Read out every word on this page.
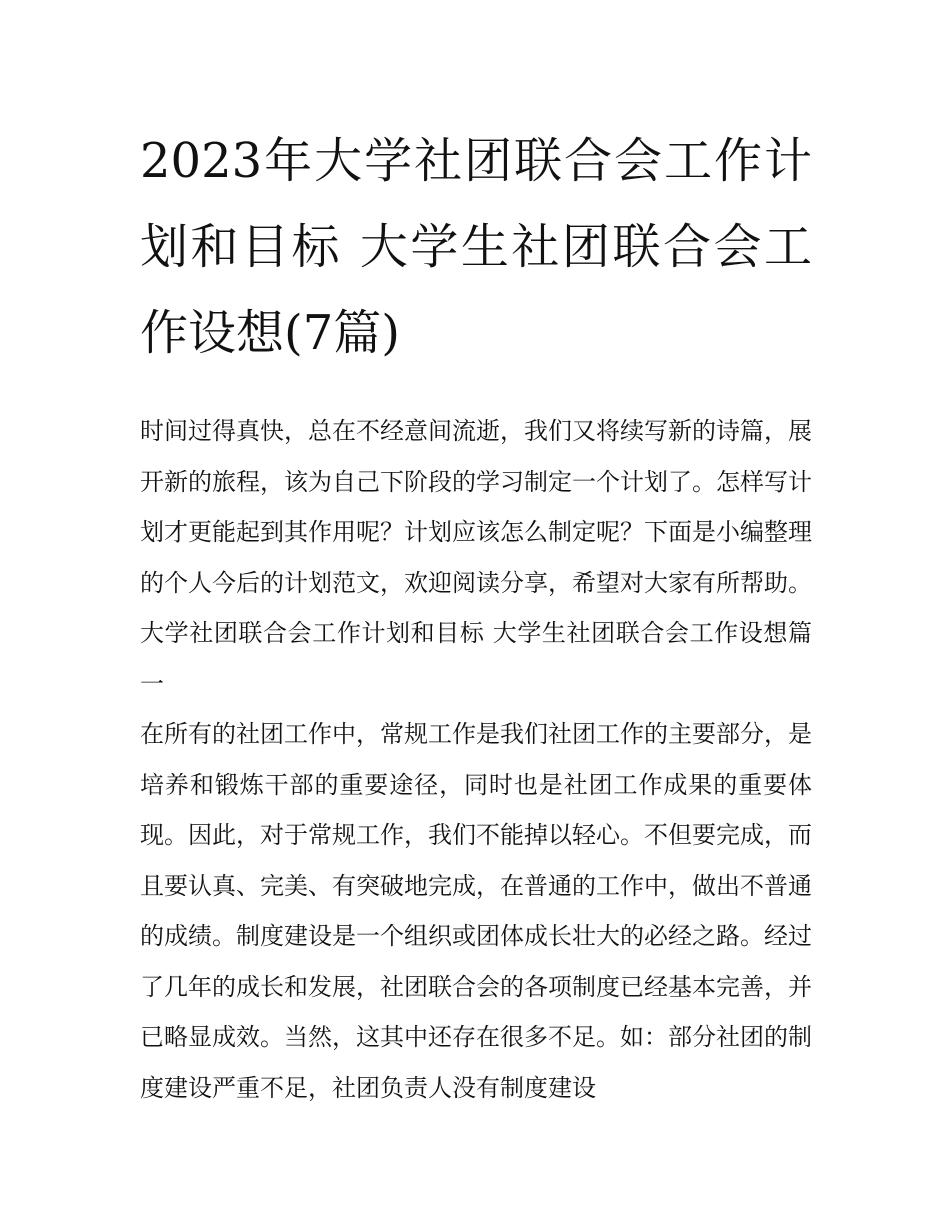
2023年大学社团联合会工作计划和目标 大学生社团联合会工作设想(7篇)

时间过得真快，总在不经意间流逝，我们又将续写新的诗篇，展开新的旅程，该为自己下阶段的学习制定一个计划了。怎样写计划才更能起到其作用呢？计划应该怎么制定呢？下面是小编整理的个人今后的计划范文，欢迎阅读分享，希望对大家有所帮助。

大学社团联合会工作计划和目标 大学生社团联合会工作设想篇一

在所有的社团工作中，常规工作是我们社团工作的主要部分，是培养和锻炼干部的重要途径，同时也是社团工作成果的重要体现。因此，对于常规工作，我们不能掉以轻心。不但要完成，而且要认真、完美、有突破地完成，在普通的工作中，做出不普通的成绩。制度建设是一个组织或团体成长壮大的必经之路。经过了几年的成长和发展，社团联合会的各项制度已经基本完善，并已略显成效。当然，这其中还存在很多不足。如：部分社团的制度建设严重不足，社团负责人没有制度建设
